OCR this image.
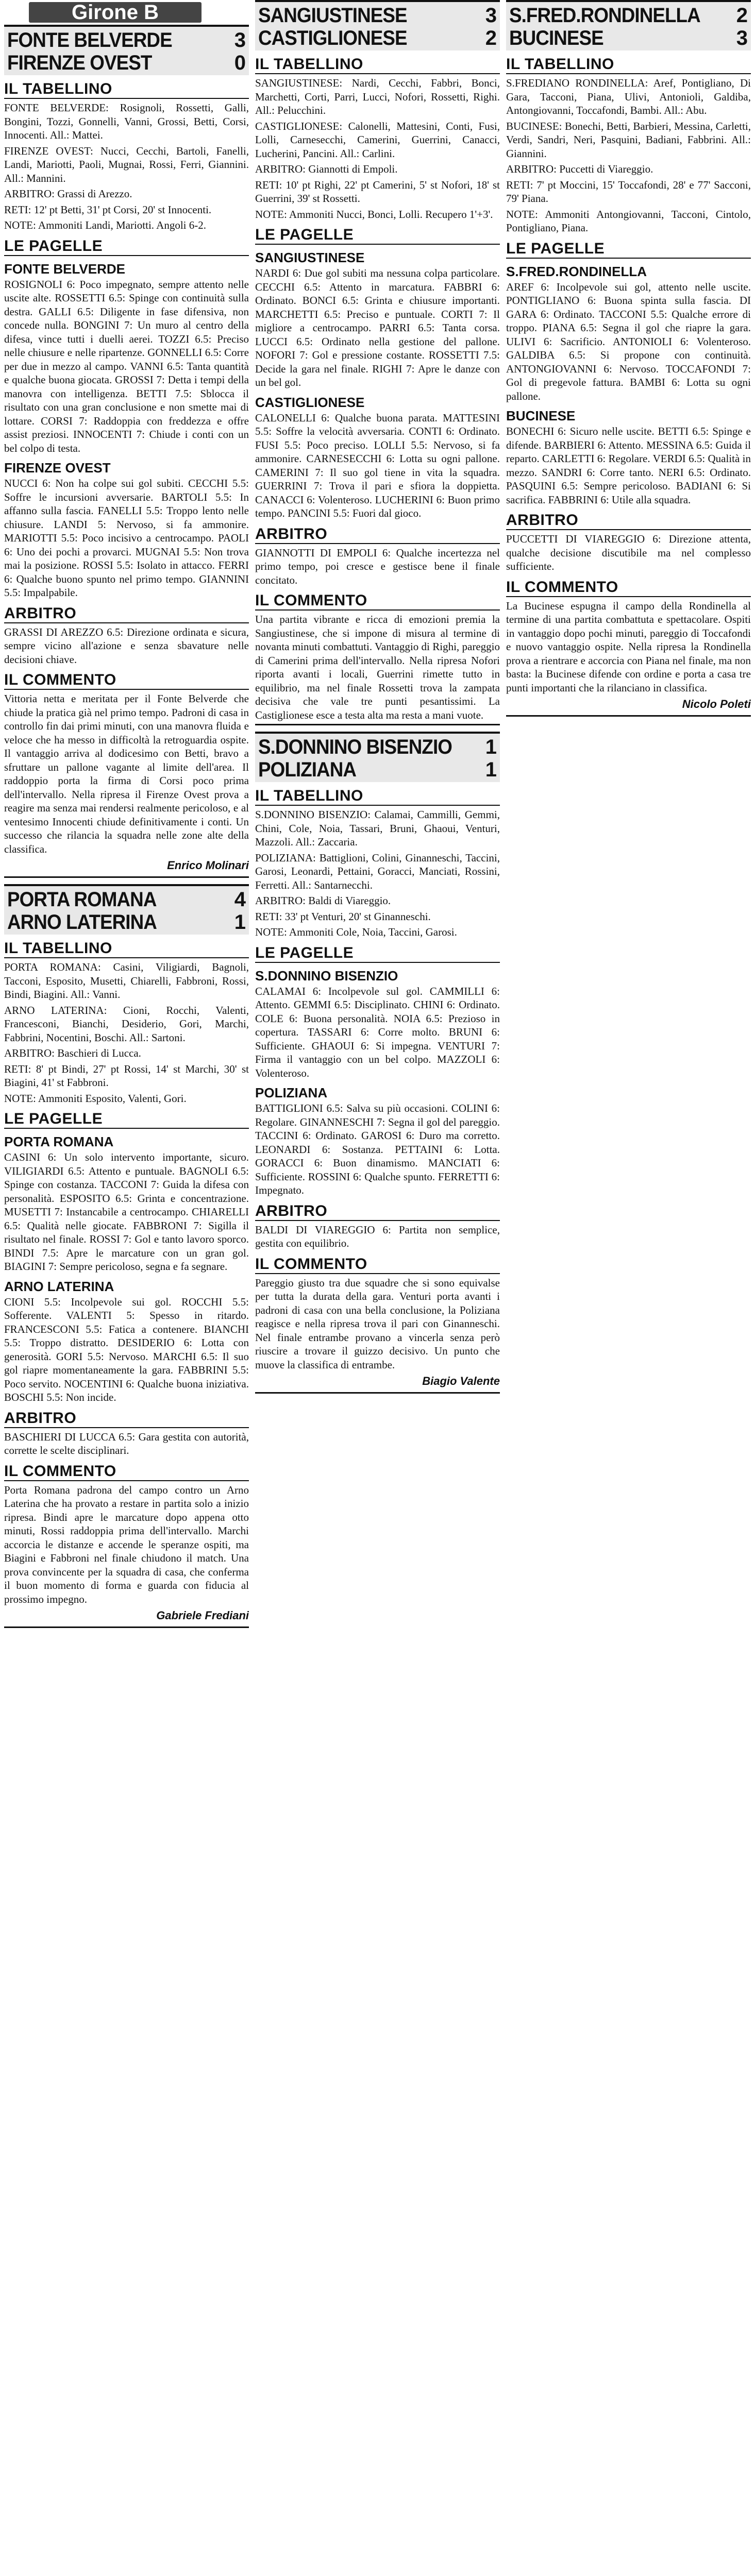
Girone B
FONTE BELVERDE	3
FIRENZE OVEST	0
IL TABELLINO

FONTE BELVERDE: Rosignoli, Rossetti, Galli, Bongini, Tozzi, Gonnelli, Vanni, Grossi, Betti, Corsi, Innocenti. All.: Mattei.

FIRENZE OVEST: Nucci, Cecchi, Bartoli, Fanelli, Landi, Mariotti, Paoli, Mugnai, Rossi, Ferri, Giannini. All.: Mannini.

ARBITRO: Grassi di Arezzo.

RETI: 12' pt Betti, 31' pt Corsi, 20' st Innocenti.

NOTE: Ammoniti Landi, Mariotti. Angoli 6-2.

LE PAGELLE
FONTE BELVERDE

ROSIGNOLI 6: Poco impegnato, sempre attento nelle uscite alte. ROSSETTI 6.5: Spinge con continuità sulla destra. GALLI 6.5: Diligente in fase difensiva, non concede nulla. BONGINI 7: Un muro al centro della difesa, vince tutti i duelli aerei. TOZZI 6.5: Preciso nelle chiusure e nelle ripartenze. GONNELLI 6.5: Corre per due in mezzo al campo. VANNI 6.5: Tanta quantità e qualche buona giocata. GROSSI 7: Detta i tempi della manovra con intelligenza. BETTI 7.5: Sblocca il risultato con una gran conclusione e non smette mai di lottare. CORSI 7: Raddoppia con freddezza e offre assist preziosi. INNOCENTI 7: Chiude i conti con un bel colpo di testa.

FIRENZE OVEST

NUCCI 6: Non ha colpe sui gol subiti. CECCHI 5.5: Soffre le incursioni avversarie. BARTOLI 5.5: In affanno sulla fascia. FANELLI 5.5: Troppo lento nelle chiusure. LANDI 5: Nervoso, si fa ammonire. MARIOTTI 5.5: Poco incisivo a centrocampo. PAOLI 6: Uno dei pochi a provarci. MUGNAI 5.5: Non trova mai la posizione. ROSSI 5.5: Isolato in attacco. FERRI 6: Qualche buono spunto nel primo tempo. GIANNINI 5.5: Impalpabile.

ARBITRO

GRASSI DI AREZZO 6.5: Direzione ordinata e sicura, sempre vicino all'azione e senza sbavature nelle decisioni chiave.

IL COMMENTO

Vittoria netta e meritata per il Fonte Belverde che chiude la pratica già nel primo tempo. Padroni di casa in controllo fin dai primi minuti, con una manovra fluida e veloce che ha messo in difficoltà la retroguardia ospite. Il vantaggio arriva al dodicesimo con Betti, bravo a sfruttare un pallone vagante al limite dell'area. Il raddoppio porta la firma di Corsi poco prima dell'intervallo. Nella ripresa il Firenze Ovest prova a reagire ma senza mai rendersi realmente pericoloso, e al ventesimo Innocenti chiude definitivamente i conti. Un successo che rilancia la squadra nelle zone alte della classifica.

Enrico Molinari
PORTA ROMANA	4
ARNO LATERINA	1
IL TABELLINO

PORTA ROMANA: Casini, Viligiardi, Bagnoli, Tacconi, Esposito, Musetti, Chiarelli, Fabbroni, Rossi, Bindi, Biagini. All.: Vanni.

ARNO LATERINA: Cioni, Rocchi, Valenti, Francesconi, Bianchi, Desiderio, Gori, Marchi, Fabbrini, Nocentini, Boschi. All.: Sartoni.

ARBITRO: Baschieri di Lucca.

RETI: 8' pt Bindi, 27' pt Rossi, 14' st Marchi, 30' st Biagini, 41' st Fabbroni.

NOTE: Ammoniti Esposito, Valenti, Gori.

LE PAGELLE
PORTA ROMANA

CASINI 6: Un solo intervento importante, sicuro. VILIGIARDI 6.5: Attento e puntuale. BAGNOLI 6.5: Spinge con costanza. TACCONI 7: Guida la difesa con personalità. ESPOSITO 6.5: Grinta e concentrazione. MUSETTI 7: Instancabile a centrocampo. CHIARELLI 6.5: Qualità nelle giocate. FABBRONI 7: Sigilla il risultato nel finale. ROSSI 7: Gol e tanto lavoro sporco. BINDI 7.5: Apre le marcature con un gran gol. BIAGINI 7: Sempre pericoloso, segna e fa segnare.

ARNO LATERINA

CIONI 5.5: Incolpevole sui gol. ROCCHI 5.5: Sofferente. VALENTI 5: Spesso in ritardo. FRANCESCONI 5.5: Fatica a contenere. BIANCHI 5.5: Troppo distratto. DESIDERIO 6: Lotta con generosità. GORI 5.5: Nervoso. MARCHI 6.5: Il suo gol riapre momentaneamente la gara. FABBRINI 5.5: Poco servito. NOCENTINI 6: Qualche buona iniziativa. BOSCHI 5.5: Non incide.

ARBITRO

BASCHIERI DI LUCCA 6.5: Gara gestita con autorità, corrette le scelte disciplinari.

IL COMMENTO

Porta Romana padrona del campo contro un Arno Laterina che ha provato a restare in partita solo a inizio ripresa. Bindi apre le marcature dopo appena otto minuti, Rossi raddoppia prima dell'intervallo. Marchi accorcia le distanze e accende le speranze ospiti, ma Biagini e Fabbroni nel finale chiudono il match. Una prova convincente per la squadra di casa, che conferma il buon momento di forma e guarda con fiducia al prossimo impegno.

Gabriele Frediani
SANGIUSTINESE	3
CASTIGLIONESE	2
IL TABELLINO

SANGIUSTINESE: Nardi, Cecchi, Fabbri, Bonci, Marchetti, Corti, Parri, Lucci, Nofori, Rossetti, Righi. All.: Pelucchini.

CASTIGLIONESE: Calonelli, Mattesini, Conti, Fusi, Lolli, Carnesecchi, Camerini, Guerrini, Canacci, Lucherini, Pancini. All.: Carlini.

ARBITRO: Giannotti di Empoli.

RETI: 10' pt Righi, 22' pt Camerini, 5' st Nofori, 18' st Guerrini, 39' st Rossetti.

NOTE: Ammoniti Nucci, Bonci, Lolli. Recupero 1'+3'.

LE PAGELLE
SANGIUSTINESE

NARDI 6: Due gol subiti ma nessuna colpa particolare. CECCHI 6.5: Attento in marcatura. FABBRI 6: Ordinato. BONCI 6.5: Grinta e chiusure importanti. MARCHETTI 6.5: Preciso e puntuale. CORTI 7: Il migliore a centrocampo. PARRI 6.5: Tanta corsa. LUCCI 6.5: Ordinato nella gestione del pallone. NOFORI 7: Gol e pressione costante. ROSSETTI 7.5: Decide la gara nel finale. RIGHI 7: Apre le danze con un bel gol.

CASTIGLIONESE

CALONELLI 6: Qualche buona parata. MATTESINI 5.5: Soffre la velocità avversaria. CONTI 6: Ordinato. FUSI 5.5: Poco preciso. LOLLI 5.5: Nervoso, si fa ammonire. CARNESECCHI 6: Lotta su ogni pallone. CAMERINI 7: Il suo gol tiene in vita la squadra. GUERRINI 7: Trova il pari e sfiora la doppietta. CANACCI 6: Volenteroso. LUCHERINI 6: Buon primo tempo. PANCINI 5.5: Fuori dal gioco.

ARBITRO

GIANNOTTI DI EMPOLI 6: Qualche incertezza nel primo tempo, poi cresce e gestisce bene il finale concitato.

IL COMMENTO

Una partita vibrante e ricca di emozioni premia la Sangiustinese, che si impone di misura al termine di novanta minuti combattuti. Vantaggio di Righi, pareggio di Camerini prima dell'intervallo. Nella ripresa Nofori riporta avanti i locali, Guerrini rimette tutto in equilibrio, ma nel finale Rossetti trova la zampata decisiva che vale tre punti pesantissimi. La Castiglionese esce a testa alta ma resta a mani vuote.

S.DONNINO BISENZIO 1
POLIZIANA	1
IL TABELLINO

S.DONNINO BISENZIO: Calamai, Cammilli, Gemmi, Chini, Cole, Noia, Tassari, Bruni, Ghaoui, Venturi, Mazzoli. All.: Zaccaria.

POLIZIANA: Battiglioni, Colini, Ginanneschi, Taccini, Garosi, Leonardi, Pettaini, Goracci, Manciati, Rossini, Ferretti. All.: Santarnecchi.

ARBITRO: Baldi di Viareggio.

RETI: 33' pt Venturi, 20' st Ginanneschi.

NOTE: Ammoniti Cole, Noia, Taccini, Garosi.

LE PAGELLE
S.DONNINO BISENZIO

CALAMAI 6: Incolpevole sul gol. CAMMILLI 6: Attento. GEMMI 6.5: Disciplinato. CHINI 6: Ordinato. COLE 6: Buona personalità. NOIA 6.5: Prezioso in copertura. TASSARI 6: Corre molto. BRUNI 6: Sufficiente. GHAOUI 6: Si impegna. VENTURI 7: Firma il vantaggio con un bel colpo. MAZZOLI 6: Volenteroso.

POLIZIANA

BATTIGLIONI 6.5: Salva su più occasioni. COLINI 6: Regolare. GINANNESCHI 7: Segna il gol del pareggio. TACCINI 6: Ordinato. GAROSI 6: Duro ma corretto. LEONARDI 6: Sostanza. PETTAINI 6: Lotta. GORACCI 6: Buon dinamismo. MANCIATI 6: Sufficiente. ROSSINI 6: Qualche spunto. FERRETTI 6: Impegnato.

ARBITRO

BALDI DI VIAREGGIO 6: Partita non semplice, gestita con equilibrio.

IL COMMENTO

Pareggio giusto tra due squadre che si sono equivalse per tutta la durata della gara. Venturi porta avanti i padroni di casa con una bella conclusione, la Poliziana reagisce e nella ripresa trova il pari con Ginanneschi. Nel finale entrambe provano a vincerla senza però riuscire a trovare il guizzo decisivo. Un punto che muove la classifica di entrambe.

Biagio Valente
S.FRED.RONDINELLA 2
BUCINESE	3
IL TABELLINO

S.FREDIANO RONDINELLA: Aref, Pontigliano, Di Gara, Tacconi, Piana, Ulivi, Antonioli, Galdiba, Antongiovanni, Toccafondi, Bambi. All.: Abu.

BUCINESE: Bonechi, Betti, Barbieri, Messina, Carletti, Verdi, Sandri, Neri, Pasquini, Badiani, Fabbrini. All.: Giannini.

ARBITRO: Puccetti di Viareggio.

RETI: 7' pt Moccini, 15' Toccafondi, 28' e 77' Sacconi, 79' Piana.

NOTE: Ammoniti Antongiovanni, Tacconi, Cintolo, Pontigliano, Piana.

LE PAGELLE
S.FRED.RONDINELLA

AREF 6: Incolpevole sui gol, attento nelle uscite. PONTIGLIANO 6: Buona spinta sulla fascia. DI GARA 6: Ordinato. TACCONI 5.5: Qualche errore di troppo. PIANA 6.5: Segna il gol che riapre la gara. ULIVI 6: Sacrificio. ANTONIOLI 6: Volenteroso. GALDIBA 6.5: Si propone con continuità. ANTONGIOVANNI 6: Nervoso. TOCCAFONDI 7: Gol di pregevole fattura. BAMBI 6: Lotta su ogni pallone.

BUCINESE

BONECHI 6: Sicuro nelle uscite. BETTI 6.5: Spinge e difende. BARBIERI 6: Attento. MESSINA 6.5: Guida il reparto. CARLETTI 6: Regolare. VERDI 6.5: Qualità in mezzo. SANDRI 6: Corre tanto. NERI 6.5: Ordinato. PASQUINI 6.5: Sempre pericoloso. BADIANI 6: Si sacrifica. FABBRINI 6: Utile alla squadra.

ARBITRO

PUCCETTI DI VIAREGGIO 6: Direzione attenta, qualche decisione discutibile ma nel complesso sufficiente.

IL COMMENTO

La Bucinese espugna il campo della Rondinella al termine di una partita combattuta e spettacolare. Ospiti in vantaggio dopo pochi minuti, pareggio di Toccafondi e nuovo vantaggio ospite. Nella ripresa la Rondinella prova a rientrare e accorcia con Piana nel finale, ma non basta: la Bucinese difende con ordine e porta a casa tre punti importanti che la rilanciano in classifica.

Nicolo Poleti
